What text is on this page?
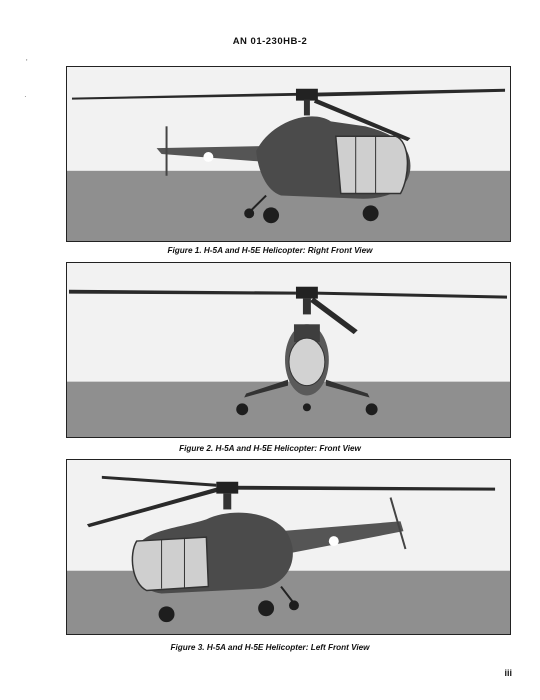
AN 01-230HB-2
'
·
Figure 1. H-5A and H-5E Helicopter: Right Front View
Figure 2. H-5A and H-5E Helicopter: Front View
Figure 3. H-5A and H-5E Helicopter: Left Front View
iii
